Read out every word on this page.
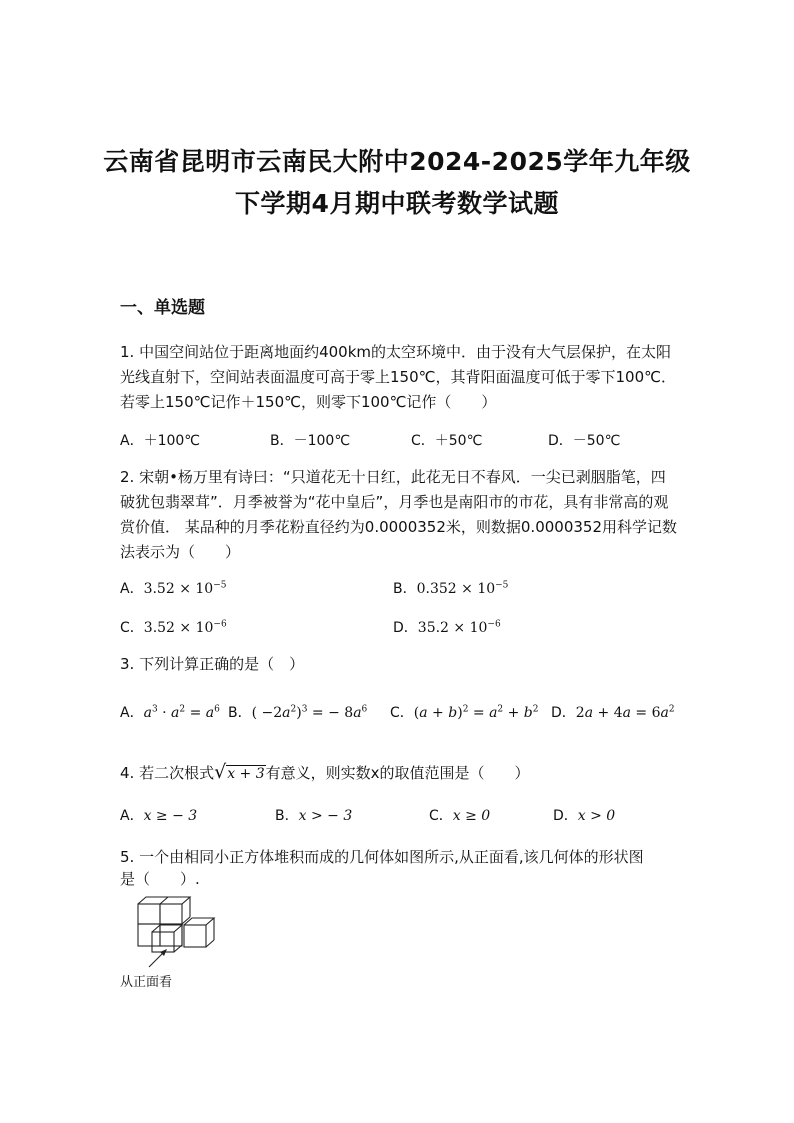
云南省昆明市云南民大附中2024-2025学年九年级
下学期4月期中联考数学试题
一、单选题
1. 中国空间站位于距离地面约400km的太空环境中．由于没有大气层保护，在太阳光线直射下，空间站表面温度可高于零上150℃，其背阳面温度可低于零下100℃．若零上150℃记作＋150℃，则零下100℃记作（　　）
A．＋100℃	B．－100℃	C．＋50℃	D．－50℃
2. 宋朝•杨万里有诗曰：“只道花无十日红，此花无日不春风．一尖已剥胭脂笔，四破犹包翡翠茸”．月季被誉为“花中皇后”，月季也是南阳市的市花，具有非常高的观赏价值． 某品种的月季花粉直径约为0.0000352米，则数据0.0000352用科学记数法表示为（　　）
A．$3.52 \times 10^{-5}$	B．$0.352 \times 10^{-5}$
C．$3.52 \times 10^{-6}$	D．$35.2 \times 10^{-6}$
3. 下列计算正确的是（　）
A．$a^3 \cdot a^2 = a^6$ B．( $-2a^2)^3$ = − $8a^6$ C．$(a + b)^2 = a^2 + b^2$ D．$2a + 4a = 6a^2$
4. 若二次根式√x + 3有意义，则实数x的取值范围是（　　）
A．x ≥ − 3	B．x > − 3	C．x ≥ 0	D．x > 0
5. 一个由相同小正方体堆积而成的几何体如图所示,从正面看,该几何体的形状图是（　　）.
从正面看
